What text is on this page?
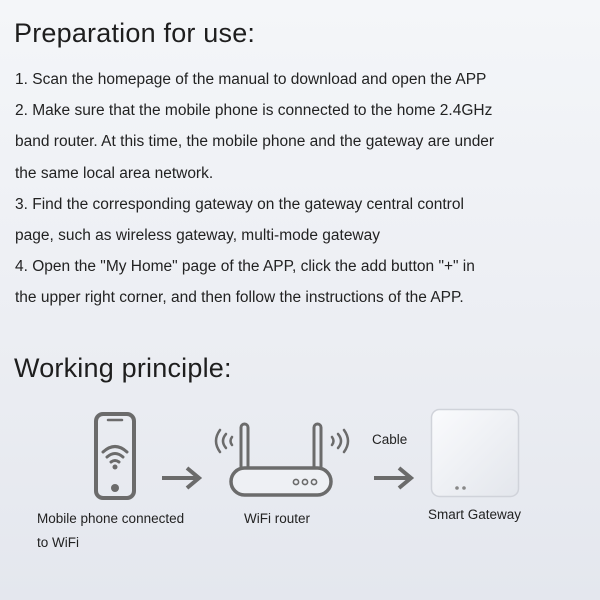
Preparation for use:

1. Scan the homepage of the manual to download and open the APP

2. Make sure that the mobile phone is connected to the home 2.4GHz

band router. At this time, the mobile phone and the gateway are under

the same local area network.

3. Find the corresponding gateway on the gateway central control

page, such as wireless gateway, multi-mode gateway

4. Open the "My Home" page of the APP, click the add button "+" in

the upper right corner, and then follow the instructions of the APP.

Working principle:
Mobile phone connected
to WiFi
WiFi router
Cable
Smart Gateway
